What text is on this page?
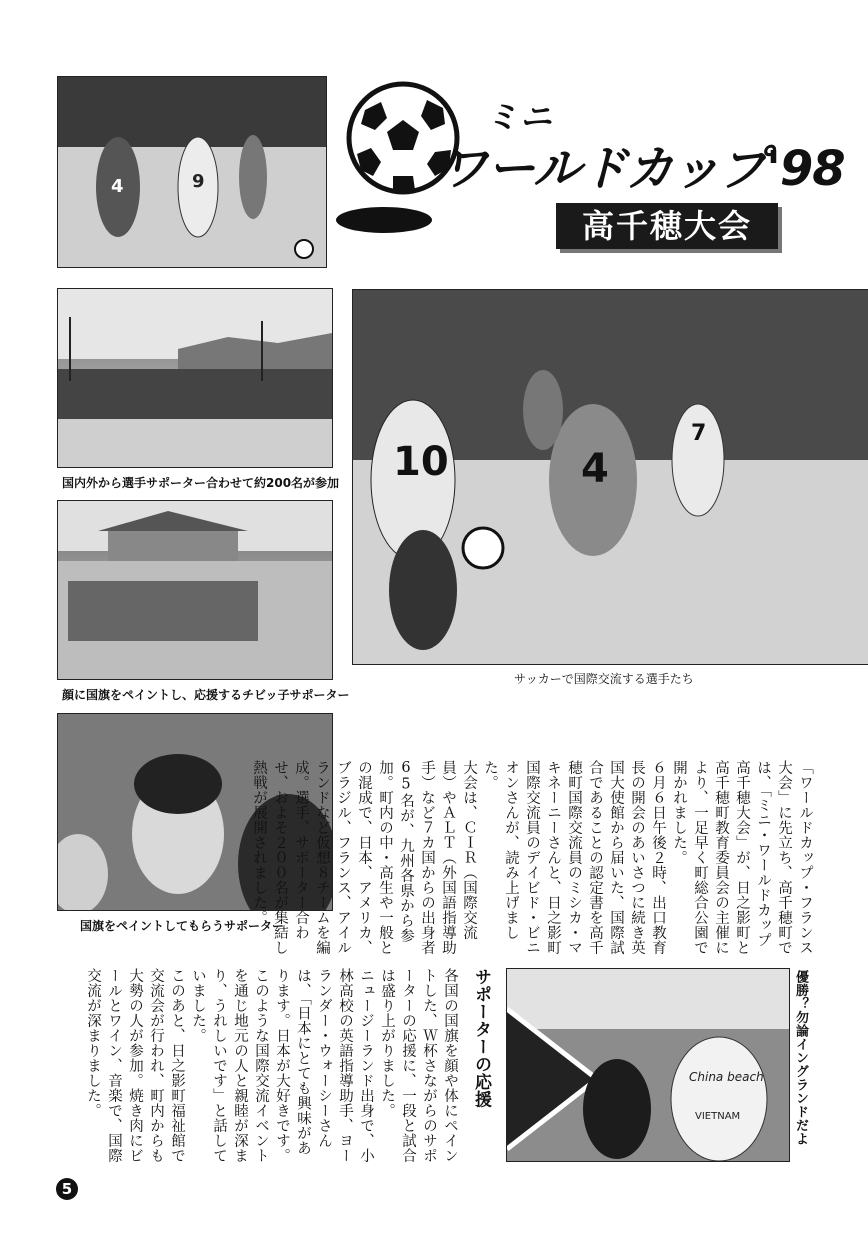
ミニ
ワールドカップ'98
高千穂大会
4	9
国内外から選手サポーター合わせて約200名が参加
顔に国旗をペイントし、応援するチビッ子サポーター
国旗をペイントしてもらうサポーター
10	4
7
サッカーで国際交流する選手たち
China beach
VIETNAM	優勝？勿論イングランドだよ

「ワールドカップ・フランス大会」に先立ち、高千穂町では、「ミニ・ワールドカップ高千穂大会」が、日之影町と高千穂町教育委員会の主催により、一足早く町総合公園で開かれました。

６月６日午後２時、出口教育長の開会のあいさつに続き英国大使館から届いた、国際試合であることの認定書を高千穂町国際交流員のミシカ・マキネーニーさんと、日之影町国際交流員のデイビド・ビニオンさんが、読み上げました。

大会は、ＣＩＲ（国際交流員）やＡＬＴ（外国語指導助手）など７カ国からの出身者65名が、九州各県から参加。町内の中・高生や一般との混成で、日本、アメリカ、ブラジル、フランス、アイルランドなど仮想８チームを編成。選手、サポーター合わせ、およそ２００名が集結し熱戦が展開されました。

サポーターの応援

各国の国旗を顔や体にペイントした、Ｗ杯さながらのサポーターの応援に、一段と試合は盛り上がりました。

ニュージーランド出身で、小林高校の英語指導助手、ヨーランダー・ウォーシーさんは、「日本にとても興味があります。日本が大好きです。このような国際交流イベントを通じ地元の人と親睦が深まり、うれしいです」と話していました。

このあと、日之影町福祉館で交流会が行われ、町内からも大勢の人が参加。焼き肉にビールとワイン、音楽で、国際交流が深まりました。

5
